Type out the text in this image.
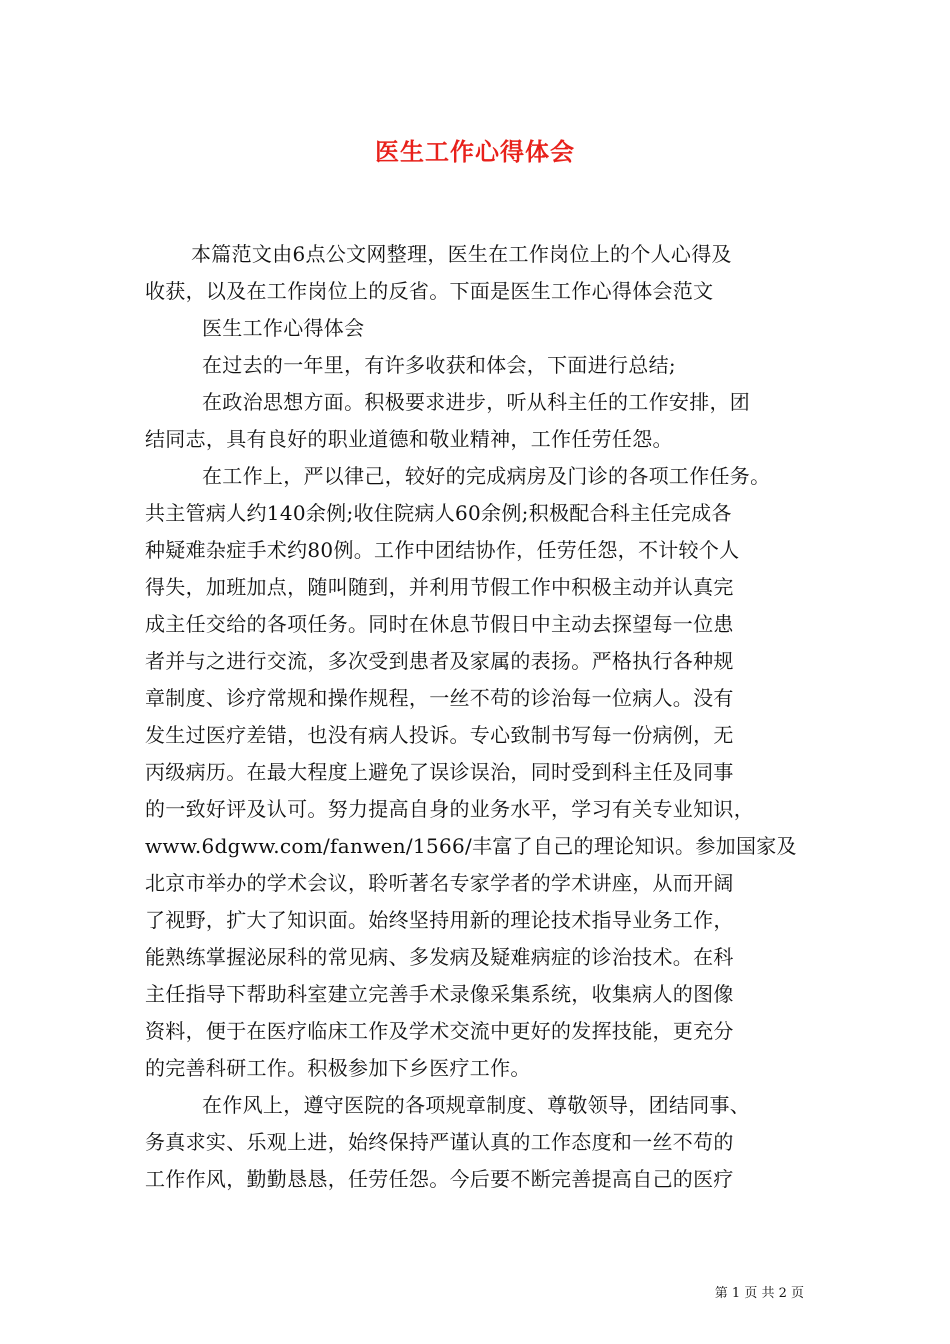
医生工作心得体会
本篇范文由6点公文网整理，医生在工作岗位上的个人心得及
收获，以及在工作岗位上的反省。下面是医生工作心得体会范文
医生工作心得体会
在过去的一年里，有许多收获和体会，下面进行总结;
在政治思想方面。积极要求进步，听从科主任的工作安排，团
结同志，具有良好的职业道德和敬业精神，工作任劳任怨。
在工作上，严以律己，较好的完成病房及门诊的各项工作任务。
共主管病人约140余例;收住院病人60余例;积极配合科主任完成各
种疑难杂症手术约80例。工作中团结协作，任劳任怨，不计较个人
得失，加班加点，随叫随到，并利用节假工作中积极主动并认真完
成主任交给的各项任务。同时在休息节假日中主动去探望每一位患
者并与之进行交流，多次受到患者及家属的表扬。严格执行各种规
章制度、诊疗常规和操作规程，一丝不苟的诊治每一位病人。没有
发生过医疗差错，也没有病人投诉。专心致制书写每一份病例，无
丙级病历。在最大程度上避免了误诊误治，同时受到科主任及同事
的一致好评及认可。努力提高自身的业务水平，学习有关专业知识，
www.6dgww.com/fanwen/1566/丰富了自己的理论知识。参加国家及
北京市举办的学术会议，聆听著名专家学者的学术讲座，从而开阔
了视野，扩大了知识面。始终坚持用新的理论技术指导业务工作，
能熟练掌握泌尿科的常见病、多发病及疑难病症的诊治技术。在科
主任指导下帮助科室建立完善手术录像采集系统，收集病人的图像
资料，便于在医疗临床工作及学术交流中更好的发挥技能，更充分
的完善科研工作。积极参加下乡医疗工作。
在作风上，遵守医院的各项规章制度、尊敬领导，团结同事、
务真求实、乐观上进，始终保持严谨认真的工作态度和一丝不苟的
工作作风，勤勤恳恳，任劳任怨。今后要不断完善提高自己的医疗
第 1 页 共 2 页
